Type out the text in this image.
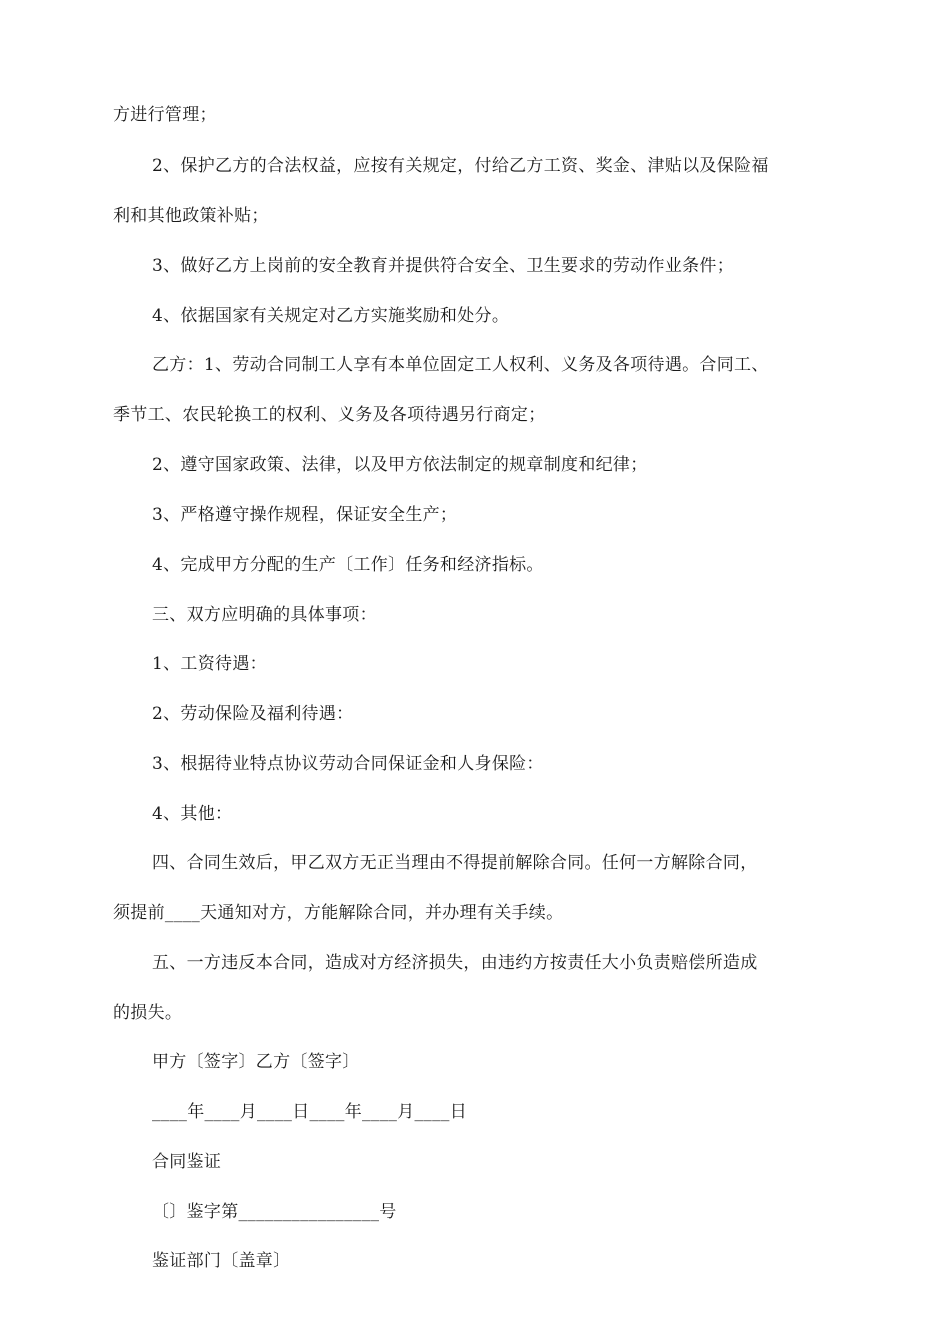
方进行管理；
2、保护乙方的合法权益，应按有关规定，付给乙方工资、奖金、津贴以及保险福
利和其他政策补贴；
3、做好乙方上岗前的安全教育并提供符合安全、卫生要求的劳动作业条件；
4、依据国家有关规定对乙方实施奖励和处分。
乙方：1、劳动合同制工人享有本单位固定工人权利、义务及各项待遇。合同工、
季节工、农民轮换工的权利、义务及各项待遇另行商定；
2、遵守国家政策、法律，以及甲方依法制定的规章制度和纪律；
3、严格遵守操作规程，保证安全生产；
4、完成甲方分配的生产〔工作〕任务和经济指标。
三、双方应明确的具体事项：
1、工资待遇：
2、劳动保险及福利待遇：
3、根据待业特点协议劳动合同保证金和人身保险：
4、其他：
四、合同生效后，甲乙双方无正当理由不得提前解除合同。任何一方解除合同，
须提前____天通知对方，方能解除合同，并办理有关手续。
五、一方违反本合同，造成对方经济损失，由违约方按责任大小负责赔偿所造成
的损失。
甲方〔签字〕乙方〔签字〕
____年____月____日____年____月____日
合同鉴证
〔〕鉴字第________________号
鉴证部门〔盖章〕
